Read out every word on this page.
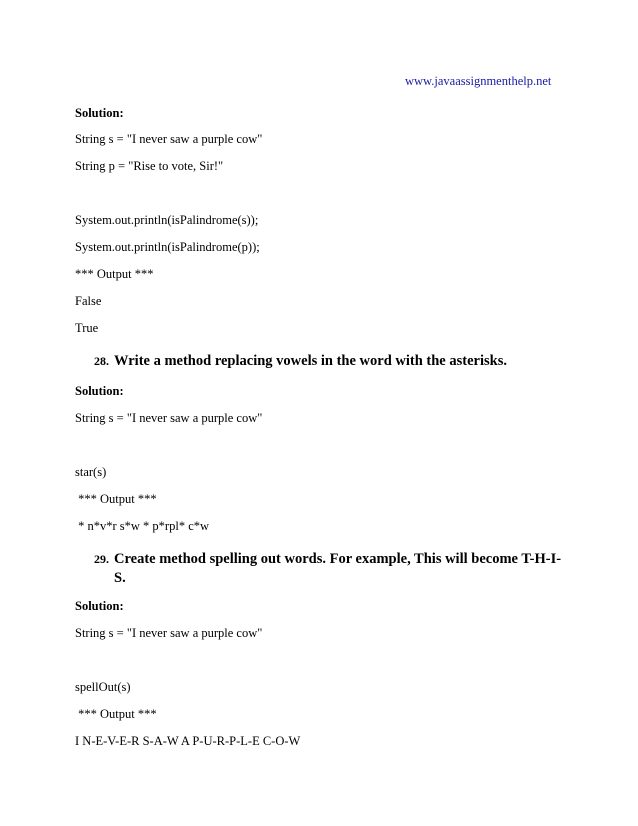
www.javaassignmenthelp.net
Solution:
String s = "I never saw a purple cow"
String p = "Rise to vote, Sir!"
System.out.println(isPalindrome(s));
System.out.println(isPalindrome(p));
*** Output ***
False
True
28. Write a method replacing vowels in the word with the asterisks.
Solution:
String s = "I never saw a purple cow"
star(s)
*** Output ***
* n*v*r s*w * p*rpl* c*w
29. Create method spelling out words. For example, This will become T-H-I-
S.
Solution:
String s = "I never saw a purple cow"
spellOut(s)
*** Output ***
I N-E-V-E-R S-A-W A P-U-R-P-L-E C-O-W
